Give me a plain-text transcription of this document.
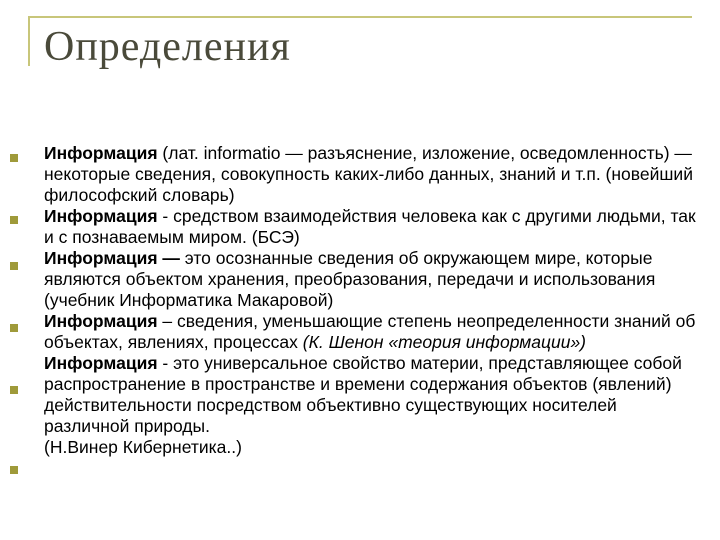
Определения

Информация (лат. informatio — разъяснение, изложение, осведомленность) —некоторые сведения, совокупность каких-либо данных, знаний и т.п. (новейший философский словарь)

Информация - средством взаимодействия человека как с другими людьми, так и с познаваемым миром. (БСЭ)

Информация — это осознанные сведения об окружающем мире, которые являются объектом хранения, преобразования, передачи и использования (учебник Информатика Макаровой)

Информация – сведения, уменьшающие степень неопределенности знаний об объектах, явлениях, процессах (К. Шенон «теория информации»)

Информация - это универсальное свойство материи, представляющее собой распространение в пространстве и времени содержания объектов (явлений) действительности посредством объективно существующих носителей различной природы.

(Н.Винер Кибернетика..)
